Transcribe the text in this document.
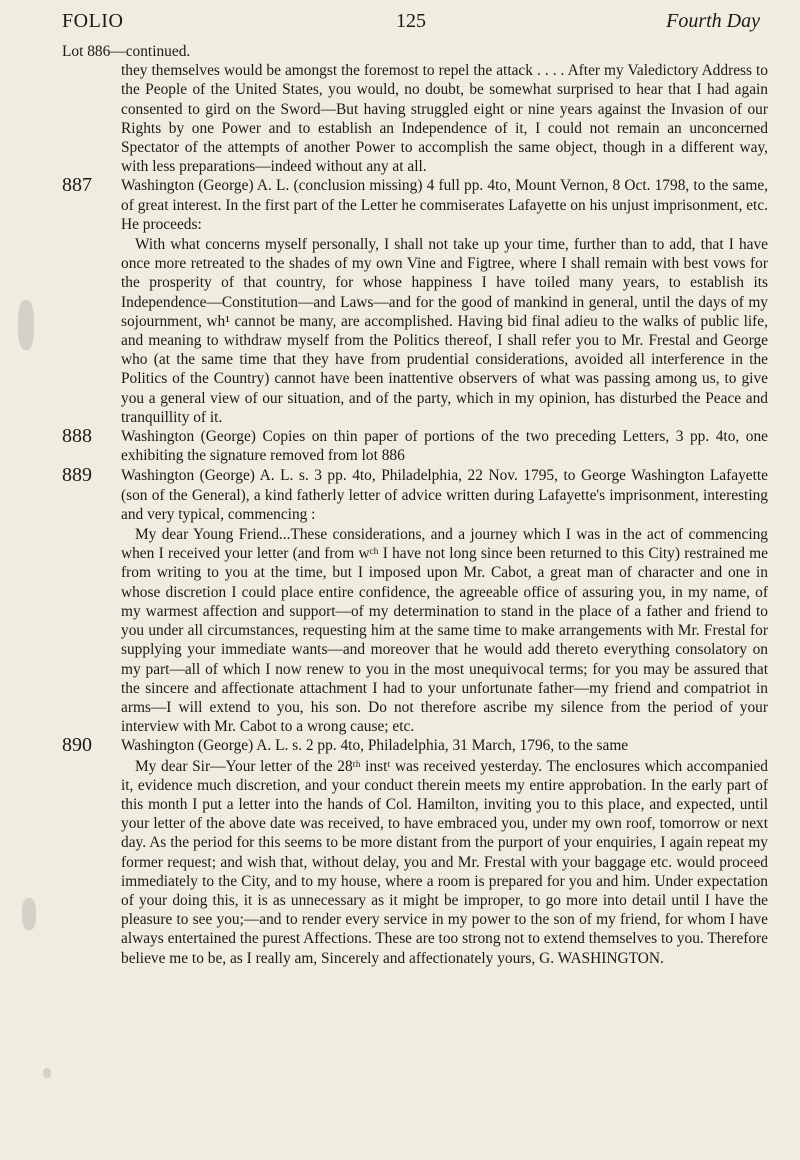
FOLIO	125	Fourth Day
Lot 886—continued.
they themselves would be amongst the foremost to repel the attack . . . . After my Valedictory Address to the People of the United States, you would, no doubt, be somewhat surprised to hear that I had again consented to gird on the Sword—But having struggled eight or nine years against the Invasion of our Rights by one Power and to establish an Independence of it, I could not remain an unconcerned Spectator of the attempts of another Power to accomplish the same object, though in a different way, with less preparations—indeed without any at all.
887 Washington (George) A. L. (conclusion missing) 4 full pp. 4to, Mount Vernon, 8 Oct. 1798, to the same, of great interest. In the first part of the Letter he commiserates Lafayette on his unjust imprisonment, etc. He proceeds:
With what concerns myself personally, I shall not take up your time, further than to add, that I have once more retreated to the shades of my own Vine and Figtree, where I shall remain with best vows for the prosperity of that country, for whose happiness I have toiled many years, to establish its Independence—Constitution—and Laws—and for the good of mankind in general, until the days of my sojournment, wh¹ cannot be many, are accomplished. Having bid final adieu to the walks of public life, and meaning to withdraw myself from the Politics thereof, I shall refer you to Mr. Frestal and George who (at the same time that they have from prudential considerations, avoided all interference in the Politics of the Country) cannot have been inattentive observers of what was passing among us, to give you a general view of our situation, and of the party, which in my opinion, has disturbed the Peace and tranquillity of it.
888 Washington (George) Copies on thin paper of portions of the two preceding Letters, 3 pp. 4to, one exhibiting the signature removed from lot 886
889 Washington (George) A. L. s. 3 pp. 4to, Philadelphia, 22 Nov. 1795, to George Washington Lafayette (son of the General), a kind fatherly letter of advice written during Lafayette's imprisonment, interesting and very typical, commencing :
My dear Young Friend...These considerations, and a journey which I was in the act of commencing when I received your letter (and from wᶜʰ I have not long since been returned to this City) restrained me from writing to you at the time, but I imposed upon Mr. Cabot, a great man of character and one in whose discretion I could place entire confidence, the agreeable office of assuring you, in my name, of my warmest affection and support—of my determination to stand in the place of a father and friend to you under all circumstances, requesting him at the same time to make arrangements with Mr. Frestal for supplying your immediate wants—and moreover that he would add thereto everything consolatory on my part—all of which I now renew to you in the most unequivocal terms; for you may be assured that the sincere and affectionate attachment I had to your unfortunate father—my friend and compatriot in arms—I will extend to you, his son. Do not therefore ascribe my silence from the period of your interview with Mr. Cabot to a wrong cause; etc.
890 Washington (George) A. L. s. 2 pp. 4to, Philadelphia, 31 March, 1796, to the same
My dear Sir—Your letter of the 28ᵗʰ instᵗ was received yesterday. The enclosures which accompanied it, evidence much discretion, and your conduct therein meets my entire approbation. In the early part of this month I put a letter into the hands of Col. Hamilton, inviting you to this place, and expected, until your letter of the above date was received, to have embraced you, under my own roof, tomorrow or next day. As the period for this seems to be more distant from the purport of your enquiries, I again repeat my former request; and wish that, without delay, you and Mr. Frestal with your baggage etc. would proceed immediately to the City, and to my house, where a room is prepared for you and him. Under expectation of your doing this, it is as unnecessary as it might be improper, to go more into detail until I have the pleasure to see you;—and to render every service in my power to the son of my friend, for whom I have always entertained the purest Affections. These are too strong not to extend themselves to you. Therefore believe me to be, as I really am, Sincerely and affectionately yours, G. WASHINGTON.
